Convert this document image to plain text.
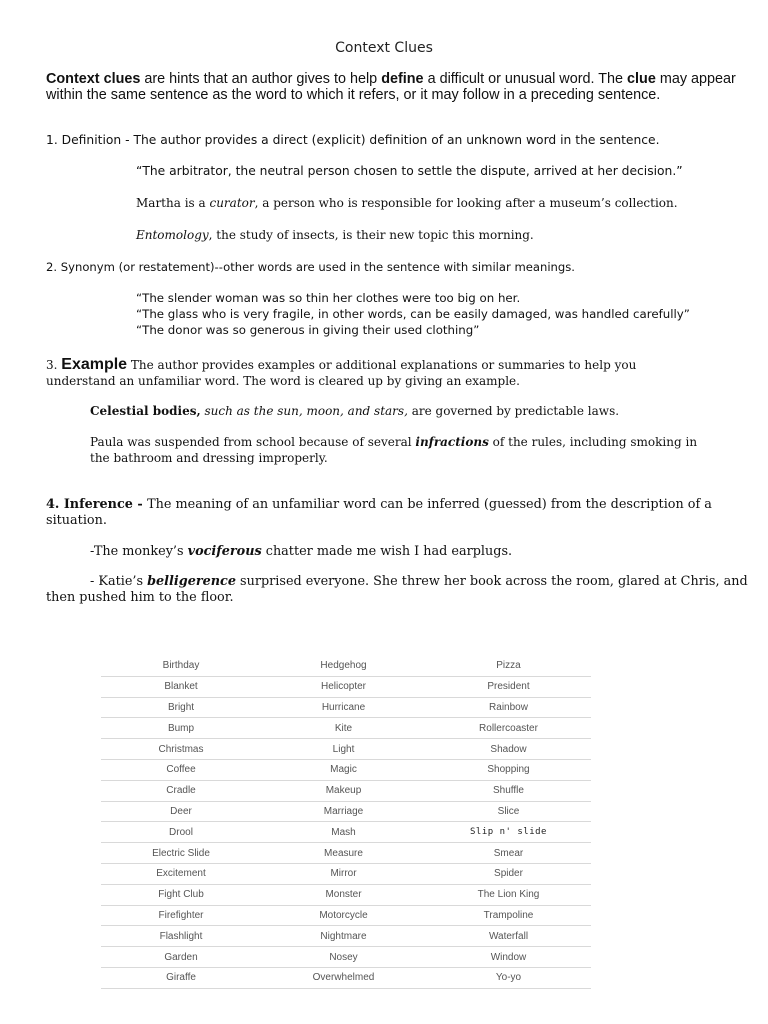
Context Clues
Context clues are hints that an author gives to help define a difficult or unusual word. The clue may appear within the same sentence as the word to which it refers, or it may follow in a preceding sentence.
1. Definition - The author provides a direct (explicit) definition of an unknown word in the sentence.
“The arbitrator, the neutral person chosen to settle the dispute, arrived at her decision.”
Martha is a curator, a person who is responsible for looking after a museum’s collection.
Entomology, the study of insects, is their new topic this morning.
2. Synonym (or restatement)--other words are used in the sentence with similar meanings.
“The slender woman was so thin her clothes were too big on her.
“The glass who is very fragile, in other words, can be easily damaged, was handled carefully”
“The donor was so generous in giving their used clothing”
3. Example The author provides examples or additional explanations or summaries to help you
understand an unfamiliar word. The word is cleared up by giving an example.
Celestial bodies, such as the sun, moon, and stars, are governed by predictable laws.
Paula was suspended from school because of several infractions of the rules, including smoking in
the bathroom and dressing improperly.
4. Inference - The meaning of an unfamiliar word can be inferred (guessed) from the description of a
situation.
-The monkey’s vociferous chatter made me wish I had earplugs.
- Katie’s belligerence surprised everyone. She threw her book across the room, glared at Chris, and
then pushed him to the floor.
Birthday	Hedgehog	Pizza
Blanket	Helicopter	President
Bright	Hurricane	Rainbow
Bump	Kite	Rollercoaster
Christmas	Light	Shadow
Coffee	Magic	Shopping
Cradle	Makeup	Shuffle
Deer	Marriage	Slice
Drool	Mash	Slip n' slide
Electric Slide	Measure	Smear
Excitement	Mirror	Spider
Fight Club	Monster	The Lion King
Firefighter	Motorcycle	Trampoline
Flashlight	Nightmare	Waterfall
Garden	Nosey	Window
Giraffe	Overwhelmed	Yo-yo
